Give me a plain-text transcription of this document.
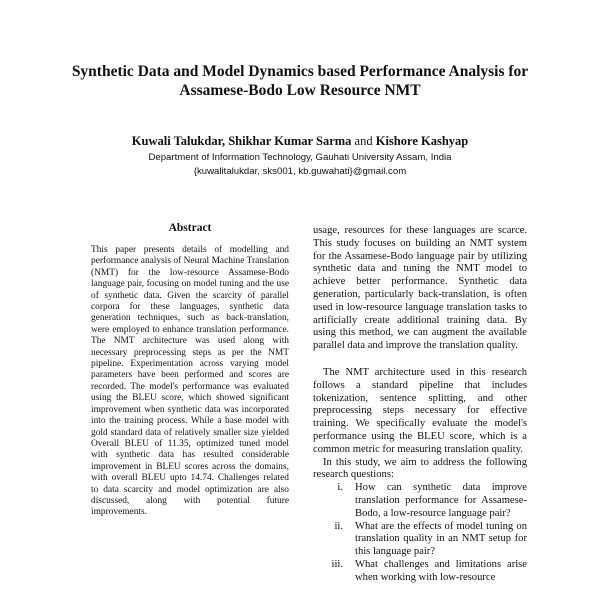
Synthetic Data and Model Dynamics based Performance Analysis for
Assamese-Bodo Low Resource NMT
Kuwali Talukdar, Shikhar Kumar Sarma and Kishore Kashyap
Department of Information Technology, Gauhati University Assam, India
{kuwalitalukdar, sks001, kb.guwahati}@gmail.com
Abstract

This paper presents details of modelling and performance analysis of Neural Machine Translation (NMT) for the low-resource Assamese-Bodo language pair, focusing on model tuning and the use of synthetic data. Given the scarcity of parallel corpora for these languages, synthetic data generation techniques, such as back-translation, were employed to enhance translation performance. The NMT architecture was used along with necessary preprocessing steps as per the NMT pipeline. Experimentation across varying model parameters have been performed and scores are recorded. The model's performance was evaluated using the BLEU score, which showed significant improvement when synthetic data was incorporated into the training process. While a base model with gold standard data of relatively smaller size yielded Overall BLEU of 11.35, optimized tuned model with synthetic data has resulted considerable improvement in BLEU scores across the domains, with overall BLEU upto 14.74. Challenges related to data scarcity and model optimization are also discussed, along with potential future improvements.

usage, resources for these languages are scarce. This study focuses on building an NMT system for the Assamese-Bodo language pair by utilizing synthetic data and tuning the NMT model to achieve better performance. Synthetic data generation, particularly back-translation, is often used in low-resource language translation tasks to artificially create additional training data. By using this method, we can augment the available parallel data and improve the translation quality.

The NMT architecture used in this research follows a standard pipeline that includes tokenization, sentence splitting, and other preprocessing steps necessary for effective training. We specifically evaluate the model's performance using the BLEU score, which is a common metric for measuring translation quality.

In this study, we aim to address the following research questions:

i.	How can synthetic data improve translation performance for Assamese-Bodo, a low-resource language pair?
ii.	What are the effects of model tuning on translation quality in an NMT setup for this language pair?
iii.	What challenges and limitations arise when working with low-resource
